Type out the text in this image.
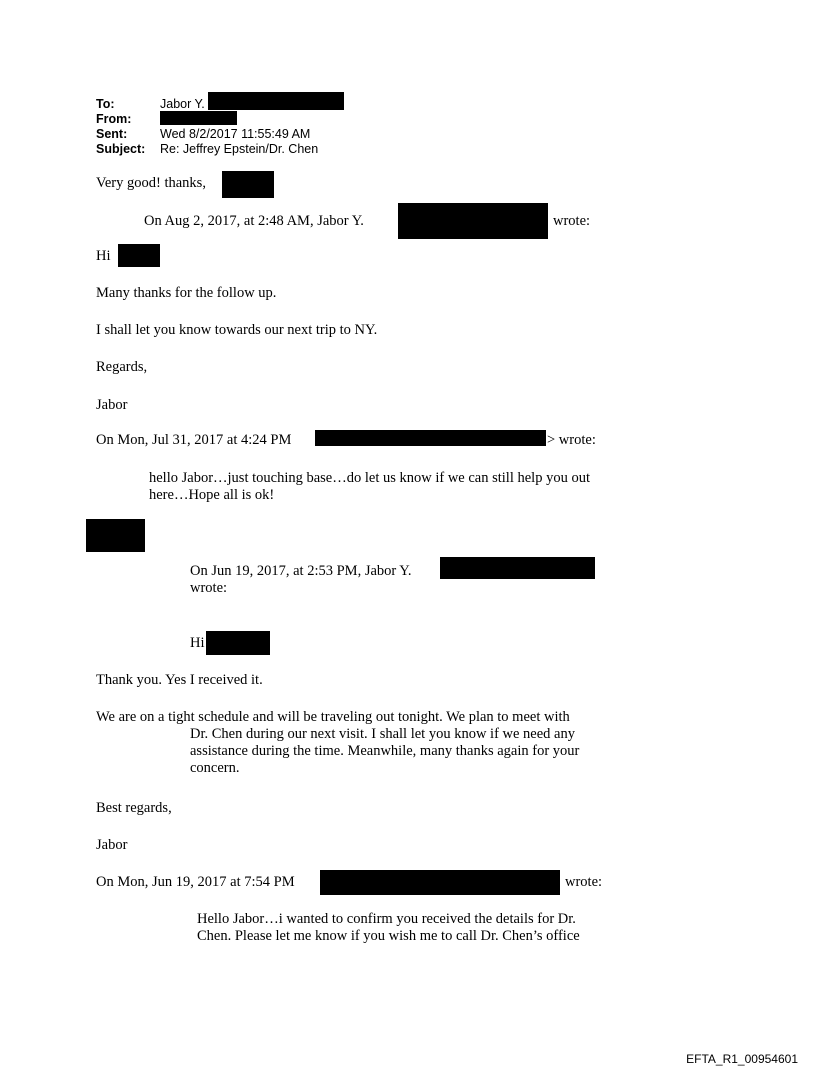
To:	Jabor Y.
From:
Sent:	Wed 8/2/2017 11:55:49 AM
Subject: Re: Jeffrey Epstein/Dr. Chen
Very good! thanks,
On Aug 2, 2017, at 2:48 AM, Jabor Y.	wrote:
Hi
Many thanks for the follow up.
I shall let you know towards our next trip to NY.
Regards,
Jabor
On Mon, Jul 31, 2017 at 4:24 PM	> wrote:
hello Jabor…just touching base…do let us know if we can still help you out
here…Hope all is ok!
On Jun 19, 2017, at 2:53 PM, Jabor Y.
wrote:
Hi
Thank you. Yes I received it.
We are on a tight schedule and will be traveling out tonight. We plan to meet with
Dr. Chen during our next visit. I shall let you know if we need any
assistance during the time. Meanwhile, many thanks again for your
concern.
Best regards,
Jabor
On Mon, Jun 19, 2017 at 7:54 PM	wrote:
Hello Jabor…i wanted to confirm you received the details for Dr.
Chen. Please let me know if you wish me to call Dr. Chen’s office
EFTA_R1_00954601
